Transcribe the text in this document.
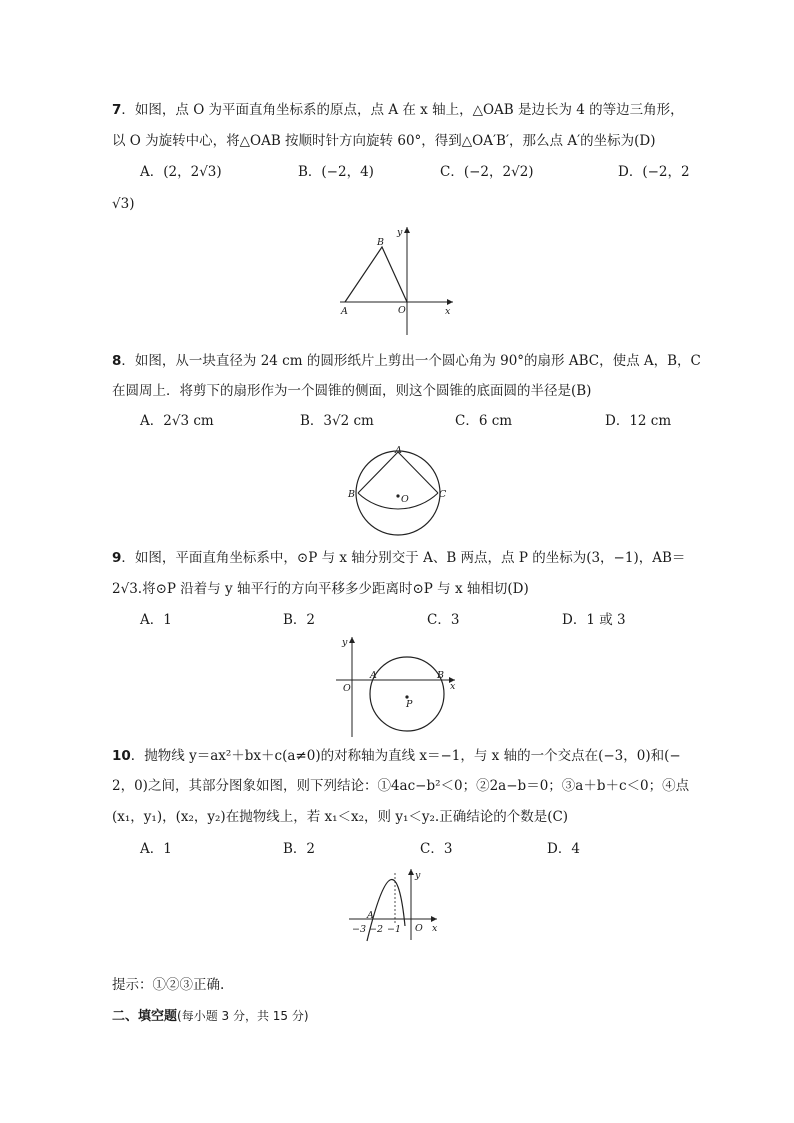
7．如图，点 O 为平面直角坐标系的原点，点 A 在 x 轴上，△OAB 是边长为 4 的等边三角形，
以 O 为旋转中心，将△OAB 按顺时针方向旋转 60°，得到△OA′B′，那么点 A′的坐标为(D)
A．(2，2√3)	B．(−2，4)	C．(−2，2√2)	D．(−2，2
√3)
B
A	O	x
y
8．如图，从一块直径为 24 cm 的圆形纸片上剪出一个圆心角为 90°的扇形 ABC，使点 A，B，C
在圆周上．将剪下的扇形作为一个圆锥的侧面，则这个圆锥的底面圆的半径是(B)
A．2√3 cm	B．3√2 cm	C．6 cm	D．12 cm
A
B	C
O
9．如图，平面直角坐标系中，⊙P 与 x 轴分别交于 A、B 两点，点 P 的坐标为(3，−1)，AB＝
2√3.将⊙P 沿着与 y 轴平行的方向平移多少距离时⊙P 与 x 轴相切(D)
A．1	B．2	C．3	D．1 或 3
y
O
A	B
x
P
10．抛物线 y＝ax²＋bx＋c(a≠0)的对称轴为直线 x＝−1，与 x 轴的一个交点在(−3，0)和(−
2，0)之间，其部分图象如图，则下列结论：①4ac−b²＜0；②2a−b＝0；③a＋b＋c＜0；④点
(x₁，y₁)，(x₂，y₂)在抛物线上，若 x₁＜x₂，则 y₁＜y₂.正确结论的个数是(C)
A．1	B．2	C．3	D．4
y
A
−3 −2 −1 O x
提示：①②③正确.
二、填空题(每小题 3 分，共 15 分)
